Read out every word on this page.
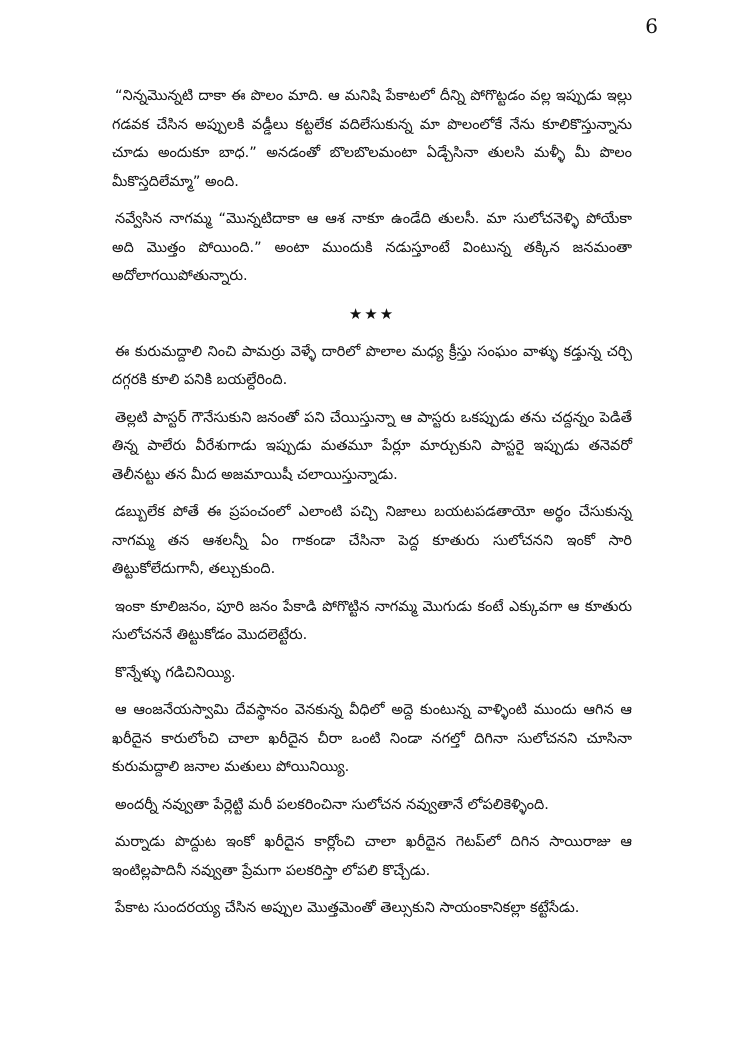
6

“నిన్నమొన్నటి దాకా ఈ పొలం మాది. ఆ మనిషి పేకాటలో దీన్ని పోగొట్టడం వల్ల ఇప్పుడు ఇల్లు గడవక చేసిన అప్పులకి వడ్డీలు కట్టలేక వదిలేసుకున్న మా పొలంలోకే నేను కూలికొస్తున్నాను చూడు అందుకూ బాధ.” అనడంతో బొలబొలమంటా ఏడ్చేసినా తులసి మళ్ళీ మీ పొలం మీకొస్తదిలేమ్మా” అంది.

నవ్వేసిన నాగమ్మ “మొన్నటిదాకా ఆ ఆశ నాకూ ఉండేది తులసీ. మా సులోచనెళ్ళి పోయేకా అది మొత్తం పోయింది.” అంటా ముందుకి నడుస్తూంటే వింటున్న తక్కిన జనమంతా అదోలాగయిపోతున్నారు.

★★★

ఈ కురుమద్దాలి నించి పామర్రు వెళ్ళే దారిలో పొలాల మధ్య క్రీస్తు సంఘం వాళ్ళు కడ్తున్న చర్చి దగ్గరకి కూలి పనికి బయల్దేరింది.

తెల్లటి పాస్టర్ గౌనేసుకుని జనంతో పని చేయిస్తున్నా ఆ పాస్టరు ఒకప్పుడు తను చద్దన్నం పెడితే తిన్న పాలేరు వీరేశుగాడు ఇప్పుడు మతమూ పేర్లూ మార్చుకుని పాస్టరై ఇప్పుడు తనెవరో తెలీనట్టు తన మీద అజమాయిషీ చలాయిస్తున్నాడు.

డబ్బులేక పోతే ఈ ప్రపంచంలో ఎలాంటి పచ్చి నిజాలు బయటపడతాయో అర్థం చేసుకున్న నాగమ్మ తన ఆశలన్నీ ఏం గాకండా చేసినా పెద్ద కూతురు సులోచనని ఇంకో సారి తిట్టుకోలేదుగానీ, తల్చుకుంది.

ఇంకా కూలిజనం, పూరి జనం పేకాడి పోగొట్టిన నాగమ్మ మొగుడు కంటే ఎక్కువగా ఆ కూతురు సులోచననే తిట్టుకోడం మొదలెట్టేరు.

కొన్నేళ్ళు గడిచినియ్యి.

ఆ ఆంజనేయస్వామి దేవస్థానం వెనకున్న వీధిలో అద్దె కుంటున్న వాళ్ళింటి ముందు ఆగిన ఆ ఖరీదైన కారులోంచి చాలా ఖరీదైన చీరా ఒంటి నిండా నగల్తో దిగినా సులోచనని చూసినా కురుమద్దాలి జనాల మతులు పోయినియ్యి.

అందర్నీ నవ్వుతా పేర్లెట్టి మరీ పలకరించినా సులోచన నవ్వుతానే లోపలికెళ్ళింది.

మర్నాడు పొద్దుట ఇంకో ఖరీదైన కార్లోంచి చాలా ఖరీదైన గెటప్‌లో దిగిన సాయిరాజు ఆ ఇంటిల్లపాదినీ నవ్వుతా ప్రేమగా పలకరిస్తా లోపలి కొచ్చేడు.

పేకాట సుందరయ్య చేసిన అప్పుల మొత్తమెంతో తెల్సుకుని సాయంకానికల్లా కట్టేసేడు.
